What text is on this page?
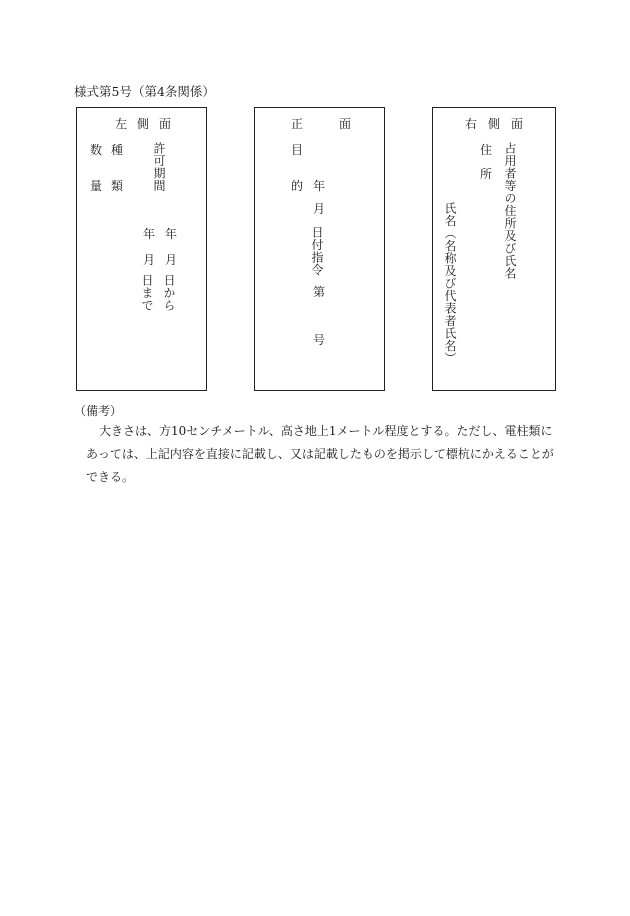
様式第5号（第4条関係）
左 側 面
数
量
種
類 許可期間
年
月
日まで
年
月
日から
正	面
目
的 年
月
日付指令
第
号
右 側 面
住
所 占用者等の住所及び氏名
氏名（名称及び代表者氏名）
（備考）
大きさは、方10センチメートル、高さ地上1メートル程度とする。ただし、電柱類にあっては、上記内容を直接に記載し、又は記載したものを掲示して標杭にかえることができる。
